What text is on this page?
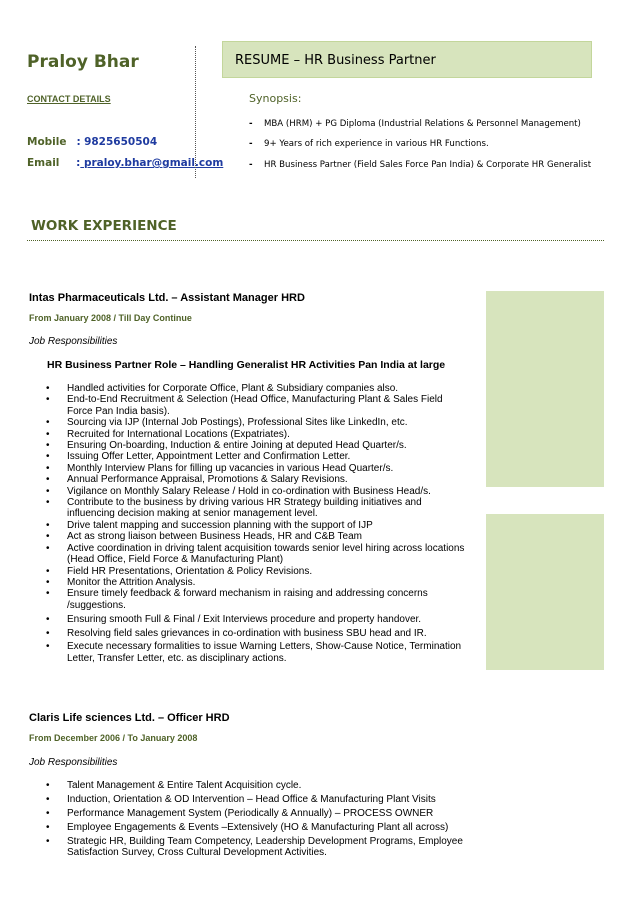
Praloy Bhar
CONTACT DETAILS
Mobile : 9825650504
Email : praloy.bhar@gmail.com
RESUME – HR Business Partner
Synopsis:
- MBA (HRM) + PG Diploma (Industrial Relations & Personnel Management)
- 9+ Years of rich experience in various HR Functions.
- HR Business Partner (Field Sales Force Pan India) & Corporate HR Generalist
WORK EXPERIENCE
Intas Pharmaceuticals Ltd. – Assistant Manager HRD
From January 2008 / Till Day Continue
Job Responsibilities
HR Business Partner Role – Handling Generalist HR Activities Pan India at large
• Handled activities for Corporate Office, Plant & Subsidiary companies also.
• End-to-End Recruitment & Selection (Head Office, Manufacturing Plant & Sales Field Force Pan India basis).
• Sourcing via IJP (Internal Job Postings), Professional Sites like LinkedIn, etc.
• Recruited for International Locations (Expatriates).
• Ensuring On-boarding, Induction & entire Joining at deputed Head Quarter/s.
• Issuing Offer Letter, Appointment Letter and Confirmation Letter.
• Monthly Interview Plans for filling up vacancies in various Head Quarter/s.
• Annual Performance Appraisal, Promotions & Salary Revisions.
• Vigilance on Monthly Salary Release / Hold in co-ordination with Business Head/s.
• Contribute to the business by driving various HR Strategy building initiatives and influencing decision making at senior management level.
• Drive talent mapping and succession planning with the support of IJP
• Act as strong liaison between Business Heads, HR and C&B Team
• Active coordination in driving talent acquisition towards senior level hiring across locations (Head Office, Field Force & Manufacturing Plant)
• Field HR Presentations, Orientation & Policy Revisions.
• Monitor the Attrition Analysis.
• Ensure timely feedback & forward mechanism in raising and addressing concerns /suggestions.
• Ensuring smooth Full & Final / Exit Interviews procedure and property handover.
• Resolving field sales grievances in co-ordination with business SBU head and IR.
• Execute necessary formalities to issue Warning Letters, Show-Cause Notice, Termination Letter, Transfer Letter, etc. as disciplinary actions.
Claris Life sciences Ltd. – Officer HRD
From December 2006 / To January 2008
Job Responsibilities
• Talent Management & Entire Talent Acquisition cycle.
• Induction, Orientation & OD Intervention – Head Office & Manufacturing Plant Visits
• Performance Management System (Periodically & Annually) – PROCESS OWNER
• Employee Engagements & Events –Extensively (HO & Manufacturing Plant all across)
• Strategic HR, Building Team Competency, Leadership Development Programs, Employee Satisfaction Survey, Cross Cultural Development Activities.
